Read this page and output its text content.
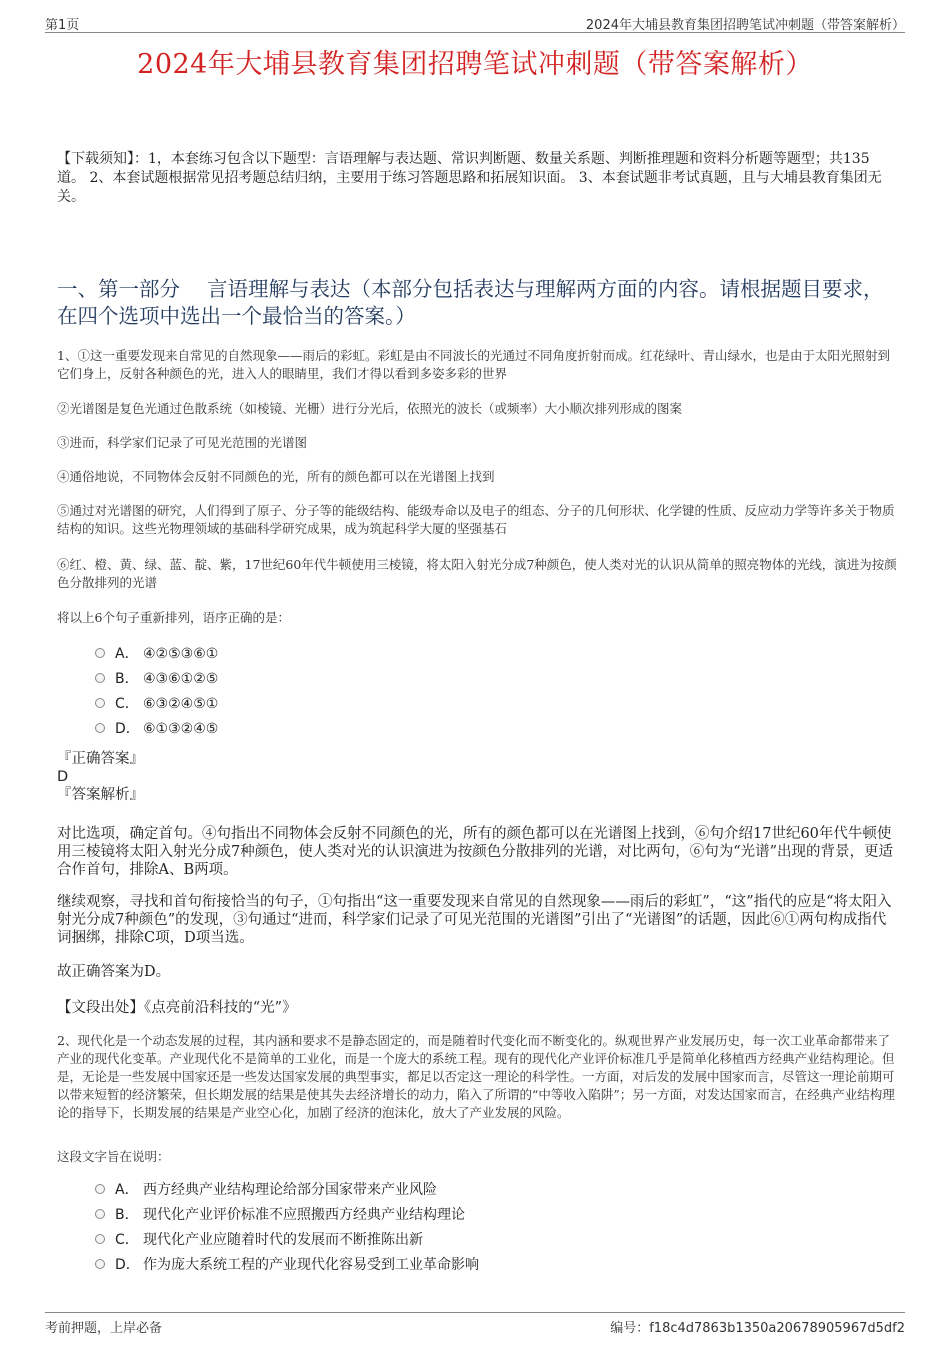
第1页	2024年大埔县教育集团招聘笔试冲刺题（带答案解析）
2024年大埔县教育集团招聘笔试冲刺题（带答案解析）
【下载须知】：1，本套练习包含以下题型：言语理解与表达题、常识判断题、数量关系题、判断推理题和资料分析题等题型；共135道。 2、本套试题根据常见招考题总结归纳，主要用于练习答题思路和拓展知识面。 3、本套试题非考试真题，且与大埔县教育集团无关。
一、第一部分　 言语理解与表达（本部分包括表达与理解两方面的内容。请根据题目要求，在四个选项中选出一个最恰当的答案。）
1、①这一重要发现来自常见的自然现象——雨后的彩虹。彩虹是由不同波长的光通过不同角度折射而成。红花绿叶、青山绿水，也是由于太阳光照射到它们身上，反射各种颜色的光，进入人的眼睛里，我们才得以看到多姿多彩的世界
②光谱图是复色光通过色散系统（如棱镜、光栅）进行分光后，依照光的波长（或频率）大小顺次排列形成的图案
③进而，科学家们记录了可见光范围的光谱图
④通俗地说，不同物体会反射不同颜色的光，所有的颜色都可以在光谱图上找到
⑤通过对光谱图的研究，人们得到了原子、分子等的能级结构、能级寿命以及电子的组态、分子的几何形状、化学键的性质、反应动力学等许多关于物质结构的知识。这些光物理领域的基础科学研究成果，成为筑起科学大厦的坚强基石
⑥红、橙、黄、绿、蓝、靛、紫，17世纪60年代牛顿使用三棱镜，将太阳入射光分成7种颜色，使人类对光的认识从简单的照亮物体的光线，演进为按颜色分散排列的光谱
将以上6个句子重新排列，语序正确的是：
A． ④②⑤③⑥①
B． ④③⑥①②⑤
C． ⑥③②④⑤①
D． ⑥①③②④⑤
『正确答案』
D
『答案解析』
对比选项，确定首句。④句指出不同物体会反射不同颜色的光，所有的颜色都可以在光谱图上找到，⑥句介绍17世纪60年代牛顿使用三棱镜将太阳入射光分成7种颜色，使人类对光的认识演进为按颜色分散排列的光谱，对比两句，⑥句为“光谱”出现的背景，更适合作首句，排除A、B两项。
继续观察，寻找和首句衔接恰当的句子，①句指出“这一重要发现来自常见的自然现象——雨后的彩虹”，“这”指代的应是“将太阳入射光分成7种颜色”的发现，③句通过“进而，科学家们记录了可见光范围的光谱图”引出了“光谱图”的话题，因此⑥①两句构成指代词捆绑，排除C项，D项当选。
故正确答案为D。
【文段出处】《点亮前沿科技的“光”》
2、现代化是一个动态发展的过程，其内涵和要求不是静态固定的，而是随着时代变化而不断变化的。纵观世界产业发展历史，每一次工业革命都带来了产业的现代化变革。产业现代化不是简单的工业化，而是一个庞大的系统工程。现有的现代化产业评价标准几乎是简单化移植西方经典产业结构理论。但是，无论是一些发展中国家还是一些发达国家发展的典型事实，都足以否定这一理论的科学性。一方面，对后发的发展中国家而言，尽管这一理论前期可以带来短暂的经济繁荣，但长期发展的结果是使其失去经济增长的动力，陷入了所谓的“中等收入陷阱”；另一方面，对发达国家而言，在经典产业结构理论的指导下，长期发展的结果是产业空心化，加剧了经济的泡沫化，放大了产业发展的风险。
这段文字旨在说明：
A． 西方经典产业结构理论给部分国家带来产业风险
B． 现代化产业评价标准不应照搬西方经典产业结构理论
C． 现代化产业应随着时代的发展而不断推陈出新
D． 作为庞大系统工程的产业现代化容易受到工业革命影响
考前押题，上岸必备	编号：f18c4d7863b1350a20678905967d5df2
